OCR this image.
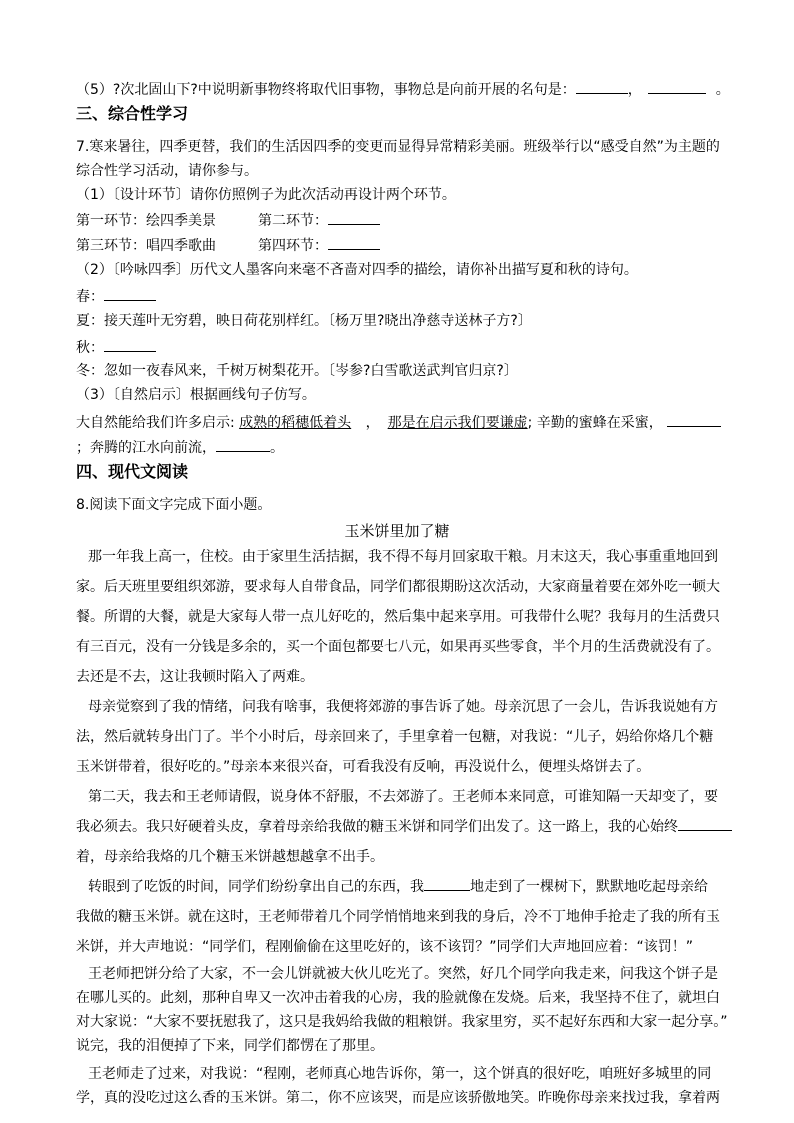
（5）?次北固山下?中说明新事物终将取代旧事物，事物总是向前开展的名句是：	，	。
三、综合性学习
7.寒来暑往，四季更替，我们的生活因四季的变更而显得异常精彩美丽。班级举行以“感受自然”为主题的
综合性学习活动，请你参与。
（1）〔设计环节〕请你仿照例子为此次活动再设计两个环节。
第一环节：绘四季美景	第二环节：
第三环节：唱四季歌曲	第四环节：
（2）〔吟咏四季〕历代文人墨客向来毫不吝啬对四季的描绘，请你补出描写夏和秋的诗句。
春：
夏：接天莲叶无穷碧，映日荷花别样红。〔杨万里?晓出净慈寺送林子方?〕
秋：
冬：忽如一夜春风来，千树万树梨花开。〔岑参?白雪歌送武判官归京?〕
（3）〔自然启示〕根据画线句子仿写。
大自然能给我们许多启示: 成熟的稻穗低着头 ， 那是在启示我们要谦虚; 辛勤的蜜蜂在采蜜，
；奔腾的江水向前流，	。
四、现代文阅读
8.阅读下面文字完成下面小题。
玉米饼里加了糖
那一年我上高一，住校。由于家里生活拮据，我不得不每月回家取干粮。月末这天，我心事重重地回到
家。后天班里要组织郊游，要求每人自带食品，同学们都很期盼这次活动，大家商量着要在郊外吃一顿大
餐。所谓的大餐，就是大家每人带一点儿好吃的，然后集中起来享用。可我带什么呢？我每月的生活费只
有三百元，没有一分钱是多余的，买一个面包都要七八元，如果再买些零食，半个月的生活费就没有了。
去还是不去，这让我顿时陷入了两难。
母亲觉察到了我的情绪，问我有啥事，我便将郊游的事告诉了她。母亲沉思了一会儿，告诉我说她有方
法，然后就转身出门了。半个小时后，母亲回来了，手里拿着一包糖，对我说：“儿子，妈给你烙几个糖
玉米饼带着，很好吃的。”母亲本来很兴奋，可看我没有反响，再没说什么，便埋头烙饼去了。
第二天，我去和王老师请假，说身体不舒服，不去郊游了。王老师本来同意，可谁知隔一天却变了，要
我必须去。我只好硬着头皮，拿着母亲给我做的糖玉米饼和同学们出发了。这一路上，我的心始终
着，母亲给我烙的几个糖玉米饼越想越拿不出手。
转眼到了吃饭的时间，同学们纷纷拿出自己的东西，我	地走到了一棵树下，默默地吃起母亲给
我做的糖玉米饼。就在这时，王老师带着几个同学悄悄地来到我的身后，冷不丁地伸手抢走了我的所有玉
米饼，并大声地说：“同学们，程刚偷偷在这里吃好的，该不该罚？”同学们大声地回应着：“该罚！”
王老师把饼分给了大家，不一会儿饼就被大伙儿吃光了。突然，好几个同学向我走来，问我这个饼子是
在哪儿买的。此刻，那种自卑又一次冲击着我的心房，我的脸就像在发烧。后来，我坚持不住了，就坦白
对大家说：“大家不要抚慰我了，这只是我妈给我做的粗粮饼。我家里穷，买不起好东西和大家一起分享。”
说完，我的泪便掉了下来，同学们都愣在了那里。
王老师走了过来，对我说：“程刚，老师真心地告诉你，第一，这个饼真的很好吃，咱班好多城里的同
学，真的没吃过这么香的玉米饼。第二，你不应该哭，而是应该骄傲地笑。昨晚你母亲来找过我，拿着两
